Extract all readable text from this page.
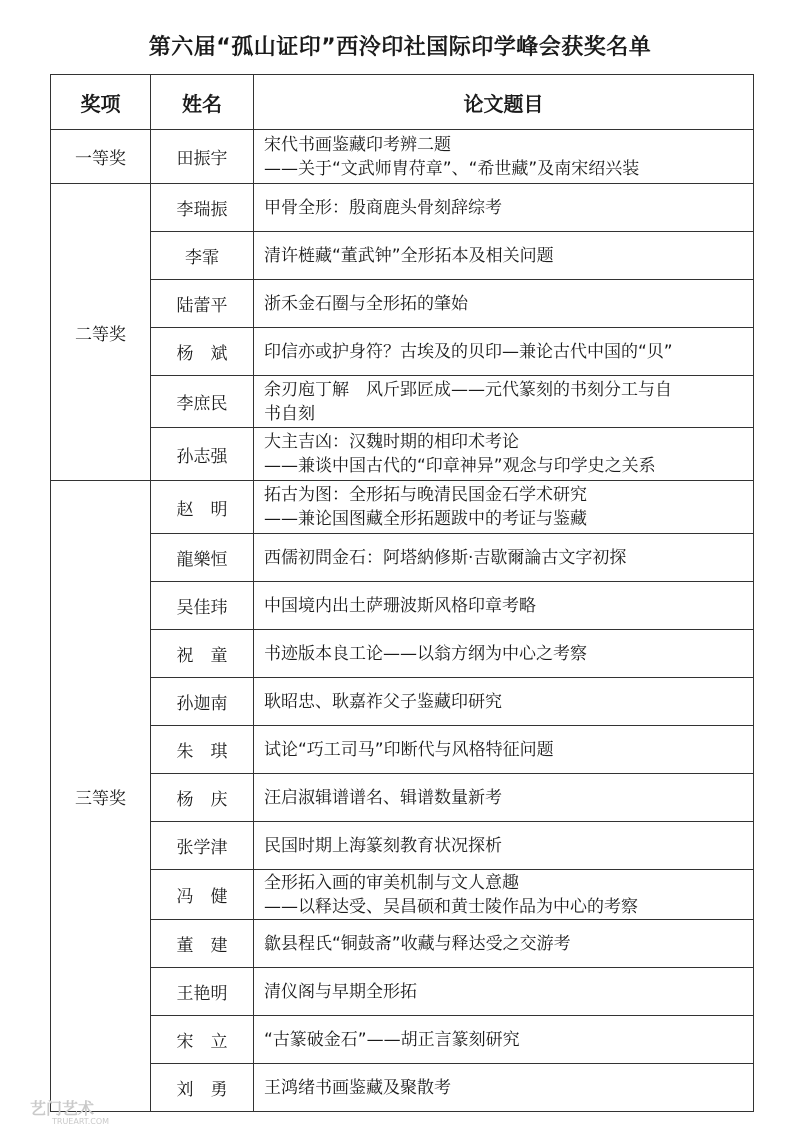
第六届“孤山证印”西泠印社国际印学峰会获奖名单
奖项	姓名	论文题目
一等奖	田振宇	宋代书画鉴藏印考辨二题
——关于“文武师胄苻章”、“希世藏”及南宋绍兴装

二等奖	李瑞振	甲骨全形：殷商鹿头骨刻辞综考

	李霏	清许梿藏“董武钟”全形拓本及相关问题

	陆蕾平	浙禾金石圈与全形拓的肇始

	杨　斌	印信亦或护身符？古埃及的贝印—兼论古代中国的“贝”

	李庶民	余刃庖丁解　风斤郢匠成——元代篆刻的书刻分工与自
书自刻

	孙志强	大主吉凶：汉魏时期的相印术考论
——兼谈中国古代的“印章神异”观念与印学史之关系

三等奖	赵　明	拓古为图：全形拓与晚清民国金石学术研究
——兼论国图藏全形拓题跋中的考证与鉴藏

	龍樂恒	西儒初問金石：阿塔納修斯·吉歇爾論古文字初探

	吴佳玮	中国境内出土萨珊波斯风格印章考略

	祝　童	书迹版本良工论——以翁方纲为中心之考察

	孙迦南	耿昭忠、耿嘉祚父子鉴藏印研究

	朱　琪	试论“巧工司马”印断代与风格特征问题

	杨　庆	汪启淑辑谱谱名、辑谱数量新考

	张学津	民国时期上海篆刻教育状况探析

	冯　健	全形拓入画的审美机制与文人意趣
——以释达受、吴昌硕和黄士陵作品为中心的考察

	董　建	歙县程氏“铜鼓斋”收藏与释达受之交游考

	王艳明	清仪阁与早期全形拓

	宋　立	“古篆破金石”——胡正言篆刻研究

	刘　勇	王鸿绪书画鉴藏及聚散考
艺门艺术
TRUEART.COM
